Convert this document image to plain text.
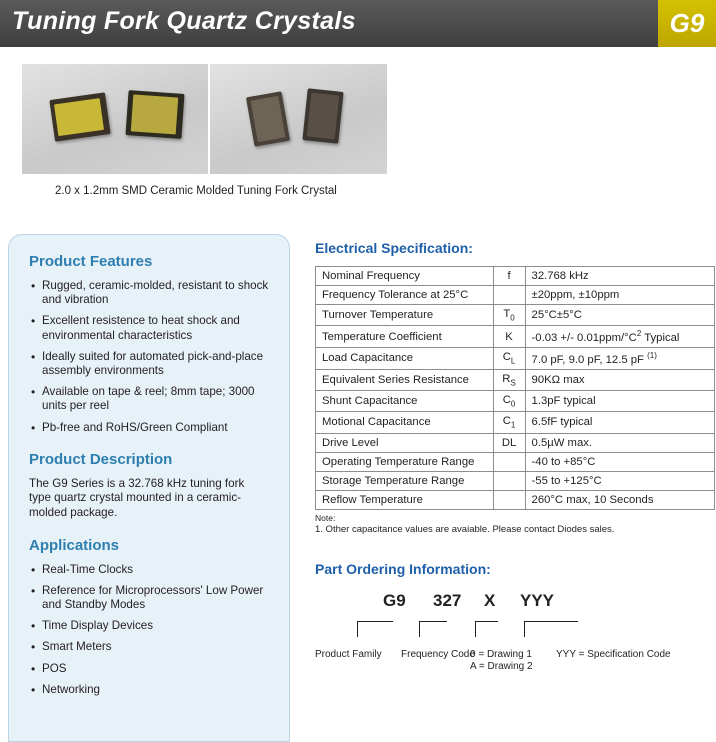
Tuning Fork Quartz Crystals	G9
2.0 x 1.2mm SMD Ceramic Molded Tuning Fork Crystal
Product Features
• Rugged, ceramic-molded, resistant to shock and vibration
• Excellent resistence to heat shock and environmental characteristics
• Ideally suited for automated pick-and-place assembly environments
• Available on tape & reel; 8mm tape; 3000 units per reel
• Pb-free and RoHS/Green Compliant
Product Description

The G9 Series is a 32.768 kHz tuning fork type quartz crystal mounted in a ceramic-molded package.

Applications
• Real-Time Clocks
• Reference for Microprocessors' Low Power and Standby Modes
• Time Display Devices
• Smart Meters
• POS
• Networking
Electrical Specification:
Nominal Frequency	f	32.768 kHz
Frequency Tolerance at 25°C		±20ppm, ±10ppm
Turnover Temperature	$T_0$	25°C±5°C
Temperature Coefficient	K	-0.03 +/- $0.01ppm/^\circ C^2$ Typical
Load Capacitance	$C_L$	7.0 pF, 9.0 pF, 12.5 pF $^{(1)}$
Equivalent Series Resistance	$R_S$	90KΩ max
Shunt Capacitance	$C_0$	1.3pF typical
Motional Capacitance	$C_1$	6.5fF typical
Drive Level	DL	0.5µW max.
Operating Temperature Range		-40 to +85°C
Storage Temperature Range		-55 to +125°C
Reflow Temperature		260°C max, 10 Seconds

Note:

1. Other capacitance values are avaiable. Please contact Diodes sales.

Part Ordering Information:
G9 327 X YYY
Product Family Frequency Code
0 = Drawing 1
A = Drawing 2
YYY = Specification Code
